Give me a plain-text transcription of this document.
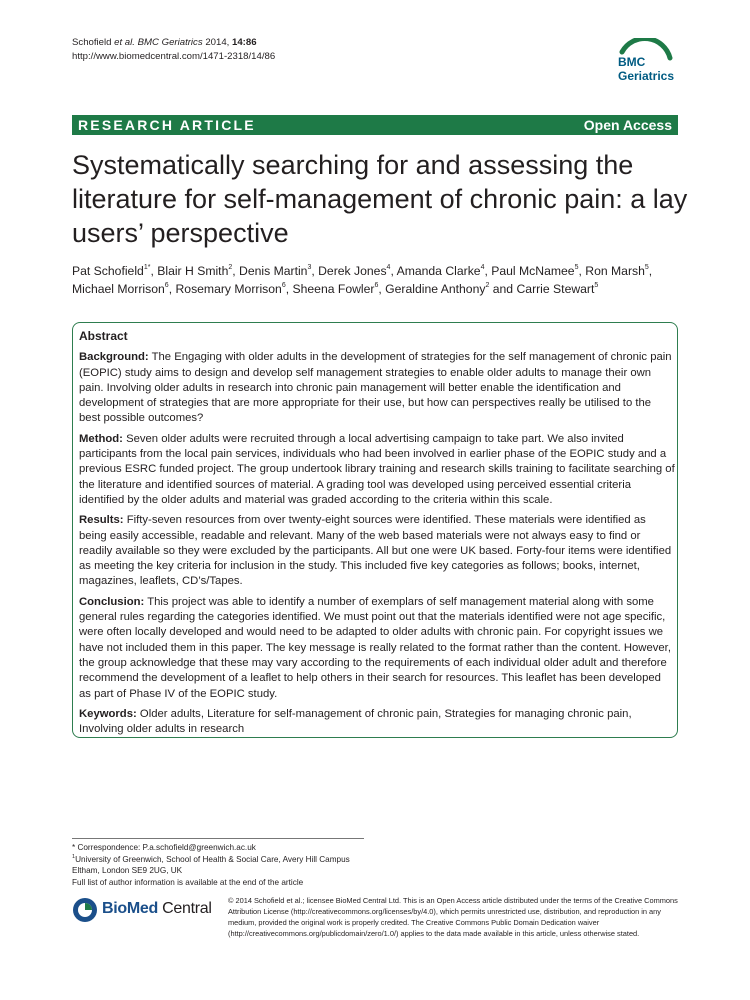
Schofield et al. BMC Geriatrics 2014, 14:86
http://www.biomedcentral.com/1471-2318/14/86	BMC
Geriatrics
RESEARCH ARTICLE	Open Access
Systematically searching for and assessing the literature for self-management of chronic pain: a lay users’ perspective
Pat Schofield$^{1*}$, Blair H Smith$^2$, Denis Martin$^3$, Derek Jones$^4$, Amanda Clarke$^4$, Paul McNamee$^5$, Ron Marsh$^5$, Michael Morrison$^6$, Rosemary Morrison$^6$, Sheena Fowler$^6$, Geraldine Anthony$^2$ and Carrie Stewart$^5$
Abstract

Background: The Engaging with older adults in the development of strategies for the self management of chronic pain (EOPIC) study aims to design and develop self management strategies to enable older adults to manage their own pain. Involving older adults in research into chronic pain management will better enable the identification and development of strategies that are more appropriate for their use, but how can perspectives really be utilised to the best possible outcomes?

Method: Seven older adults were recruited through a local advertising campaign to take part. We also invited participants from the local pain services, individuals who had been involved in earlier phase of the EOPIC study and a previous ESRC funded project. The group undertook library training and research skills training to facilitate searching of the literature and identified sources of material. A grading tool was developed using perceived essential criteria identified by the older adults and material was graded according to the criteria within this scale.

Results: Fifty-seven resources from over twenty-eight sources were identified. These materials were identified as being easily accessible, readable and relevant. Many of the web based materials were not always easy to find or readily available so they were excluded by the participants. All but one were UK based. Forty-four items were identified as meeting the key criteria for inclusion in the study. This included five key categories as follows; books, internet, magazines, leaflets, CD’s/Tapes.

Conclusion: This project was able to identify a number of exemplars of self management material along with some general rules regarding the categories identified. We must point out that the materials identified were not age specific, were often locally developed and would need to be adapted to older adults with chronic pain. For copyright issues we have not included them in this paper. The key message is really related to the format rather than the content. However, the group acknowledge that these may vary according to the requirements of each individual older adult and therefore recommend the development of a leaflet to help others in their search for resources. This leaflet has been developed as part of Phase IV of the EOPIC study.

Keywords: Older adults, Literature for self-management of chronic pain, Strategies for managing chronic pain, Involving older adults in research

* Correspondence: P.a.schofield@greenwich.ac.uk
$^1$University of Greenwich, School of Health & Social Care, Avery Hill Campus
Eltham, London SE9 2UG, UK
Full list of author information is available at the end of the article
BioMed Central © 2014 Schofield et al.; licensee BioMed Central Ltd. This is an Open Access article distributed under the terms of the Creative Commons Attribution License (http://creativecommons.org/licenses/by/4.0), which permits unrestricted use, distribution, and reproduction in any medium, provided the original work is properly credited. The Creative Commons Public Domain Dedication waiver (http://creativecommons.org/publicdomain/zero/1.0/) applies to the data made available in this article, unless otherwise stated.
